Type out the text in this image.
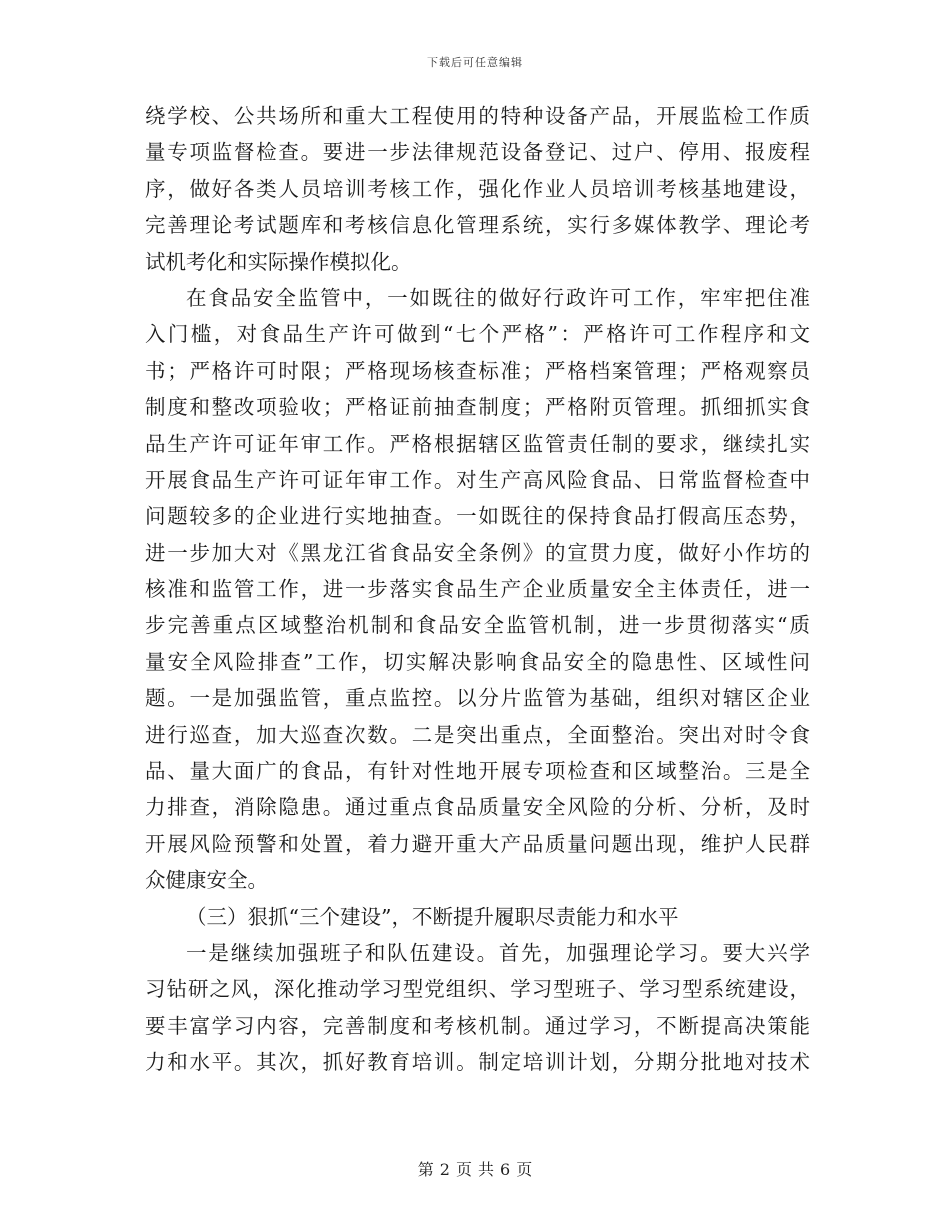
下载后可任意编辑
绕学校、公共场所和重大工程使用的特种设备产品，开展监检工作质
量专项监督检查。要进一步法律规范设备登记、过户、停用、报废程
序，做好各类人员培训考核工作，强化作业人员培训考核基地建设，
完善理论考试题库和考核信息化管理系统，实行多媒体教学、理论考
试机考化和实际操作模拟化。
在食品安全监管中，一如既往的做好行政许可工作，牢牢把住准
入门槛，对食品生产许可做到“七个严格”：严格许可工作程序和文
书；严格许可时限；严格现场核查标准；严格档案管理；严格观察员
制度和整改项验收；严格证前抽查制度；严格附页管理。抓细抓实食
品生产许可证年审工作。严格根据辖区监管责任制的要求，继续扎实
开展食品生产许可证年审工作。对生产高风险食品、日常监督检查中
问题较多的企业进行实地抽查。一如既往的保持食品打假高压态势，
进一步加大对《黑龙江省食品安全条例》的宣贯力度，做好小作坊的
核准和监管工作，进一步落实食品生产企业质量安全主体责任，进一
步完善重点区域整治机制和食品安全监管机制，进一步贯彻落实“质
量安全风险排查”工作，切实解决影响食品安全的隐患性、区域性问
题。一是加强监管，重点监控。以分片监管为基础，组织对辖区企业
进行巡查，加大巡查次数。二是突出重点，全面整治。突出对时令食
品、量大面广的食品，有针对性地开展专项检查和区域整治。三是全
力排查，消除隐患。通过重点食品质量安全风险的分析、分析，及时
开展风险预警和处置，着力避开重大产品质量问题出现，维护人民群
众健康安全。
（三）狠抓“三个建设”，不断提升履职尽责能力和水平
一是继续加强班子和队伍建设。首先，加强理论学习。要大兴学
习钻研之风，深化推动学习型党组织、学习型班子、学习型系统建设，
要丰富学习内容，完善制度和考核机制。通过学习，不断提高决策能
力和水平。其次，抓好教育培训。制定培训计划，分期分批地对技术
第 2 页 共 6 页
